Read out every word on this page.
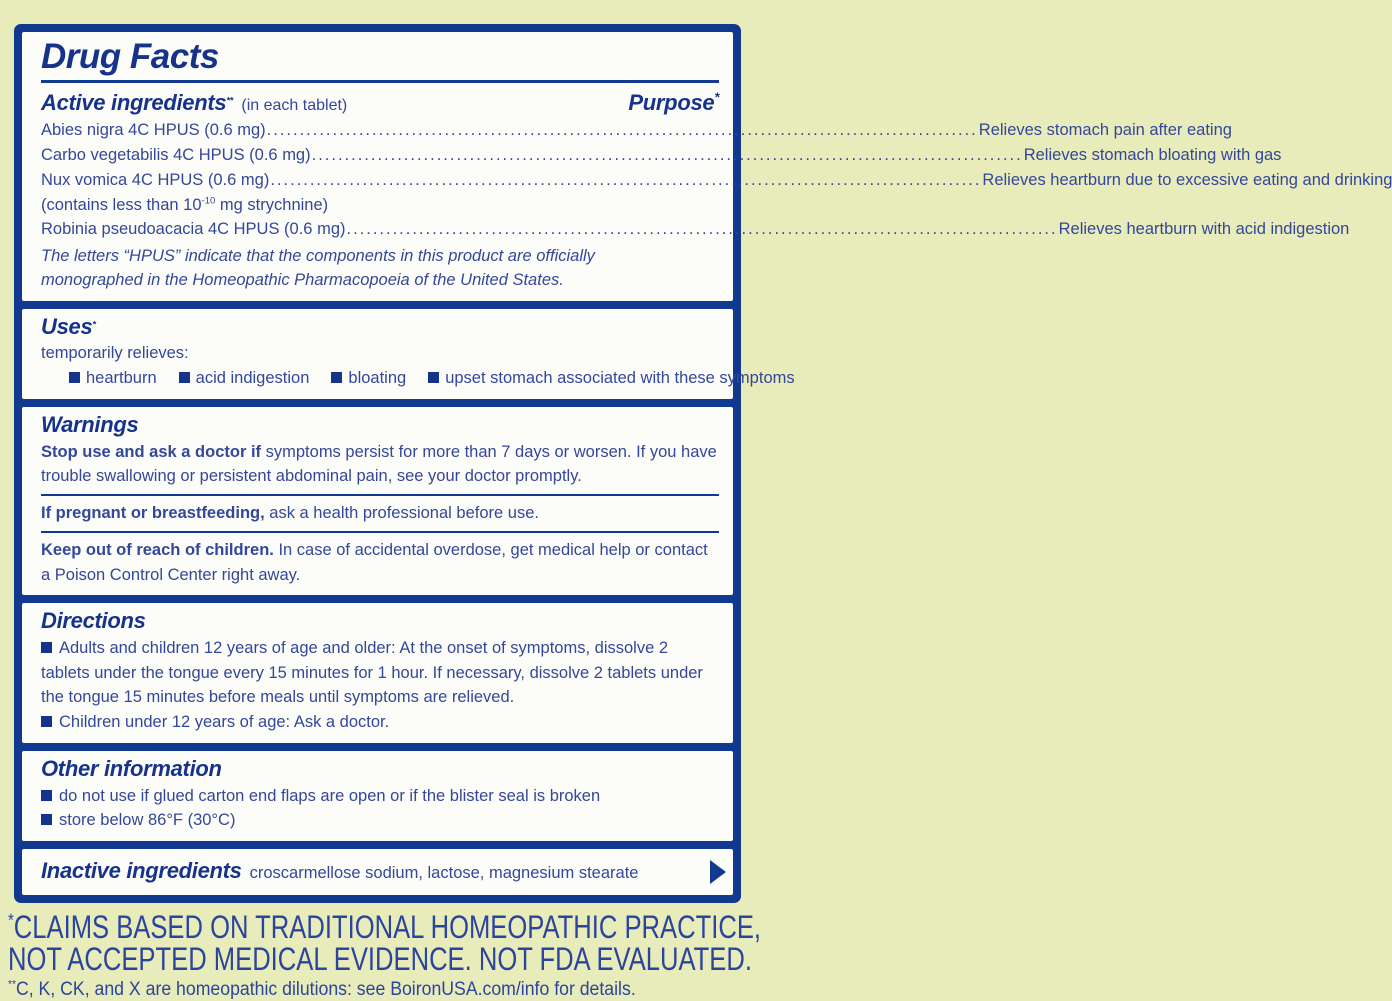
Drug Facts
Active ingredients** (in each tablet)	Purpose*
Abies nigra 4C HPUS (0.6 mg) .....	Relieves stomach pain after eating
Carbo vegetabilis 4C HPUS (0.6 mg) .....	Relieves stomach bloating with gas
Nux vomica 4C HPUS (0.6 mg) .....	Relieves heartburn due to excessive eating and drinking
(contains less than $10^{-10}$ mg strychnine)
Robinia pseudoacacia 4C HPUS (0.6 mg) .....	Relieves heartburn with acid indigestion
The letters “HPUS” indicate that the components in this product are officially
monographed in the Homeopathic Pharmacopoeia of the United States.
Uses*
temporarily relieves:
heartburn	acid indigestion	bloating	upset stomach associated with these symptoms
Warnings
Stop use and ask a doctor if symptoms persist for more than 7 days or worsen. If you have trouble swallowing or persistent abdominal pain, see your doctor promptly.
If pregnant or breastfeeding, ask a health professional before use.
Keep out of reach of children. In case of accidental overdose, get medical help or contact a Poison Control Center right away.
Directions
Adults and children 12 years of age and older: At the onset of symptoms, dissolve 2 tablets under the tongue every 15 minutes for 1 hour. If necessary, dissolve 2 tablets under the tongue 15 minutes before meals until symptoms are relieved.
Children under 12 years of age: Ask a doctor.
Other information
do not use if glued carton end flaps are open or if the blister seal is broken
store below 86°F (30°C)
Inactive ingredients croscarmellose sodium, lactose, magnesium stearate
*CLAIMS BASED ON TRADITIONAL HOMEOPATHIC PRACTICE,
NOT ACCEPTED MEDICAL EVIDENCE. NOT FDA EVALUATED.
**C, K, CK, and X are homeopathic dilutions: see BoironUSA.com/info for details.
